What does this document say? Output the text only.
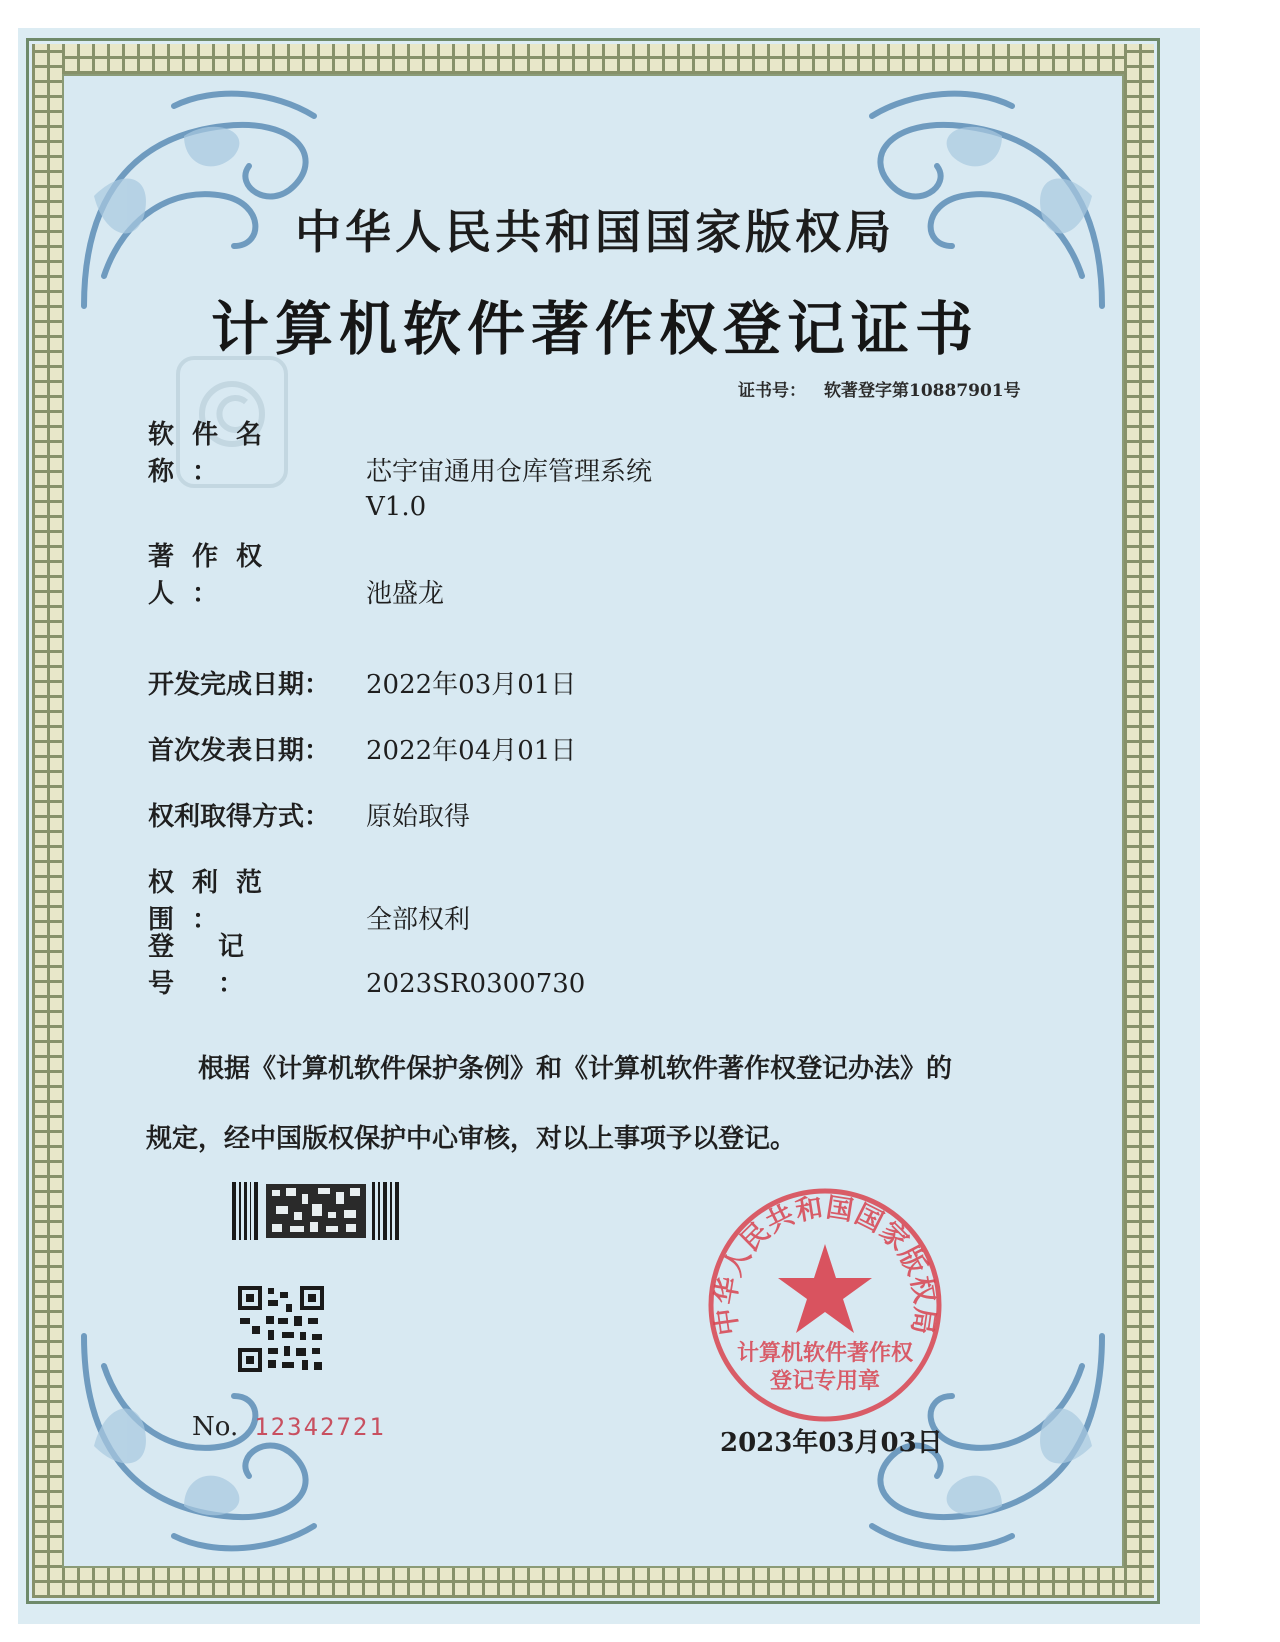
中华人民共和国国家版权局
计算机软件著作权登记证书
证书号： 软著登字第10887901号
软件名称：	芯宇宙通用仓库管理系统
V1.0
著作权人：	池盛龙
开发完成日期： 2022年03月01日
首次发表日期： 2022年04月01日
权利取得方式： 原始取得
权利范围：	全部权利
登记号：	2023SR0300730
根据《计算机软件保护条例》和《计算机软件著作权登记办法》的
规定，经中国版权保护中心审核，对以上事项予以登记。
No. 12342721
中华人民共和国国家版权局
计算机软件著作权
登记专用章
2023年03月03日
